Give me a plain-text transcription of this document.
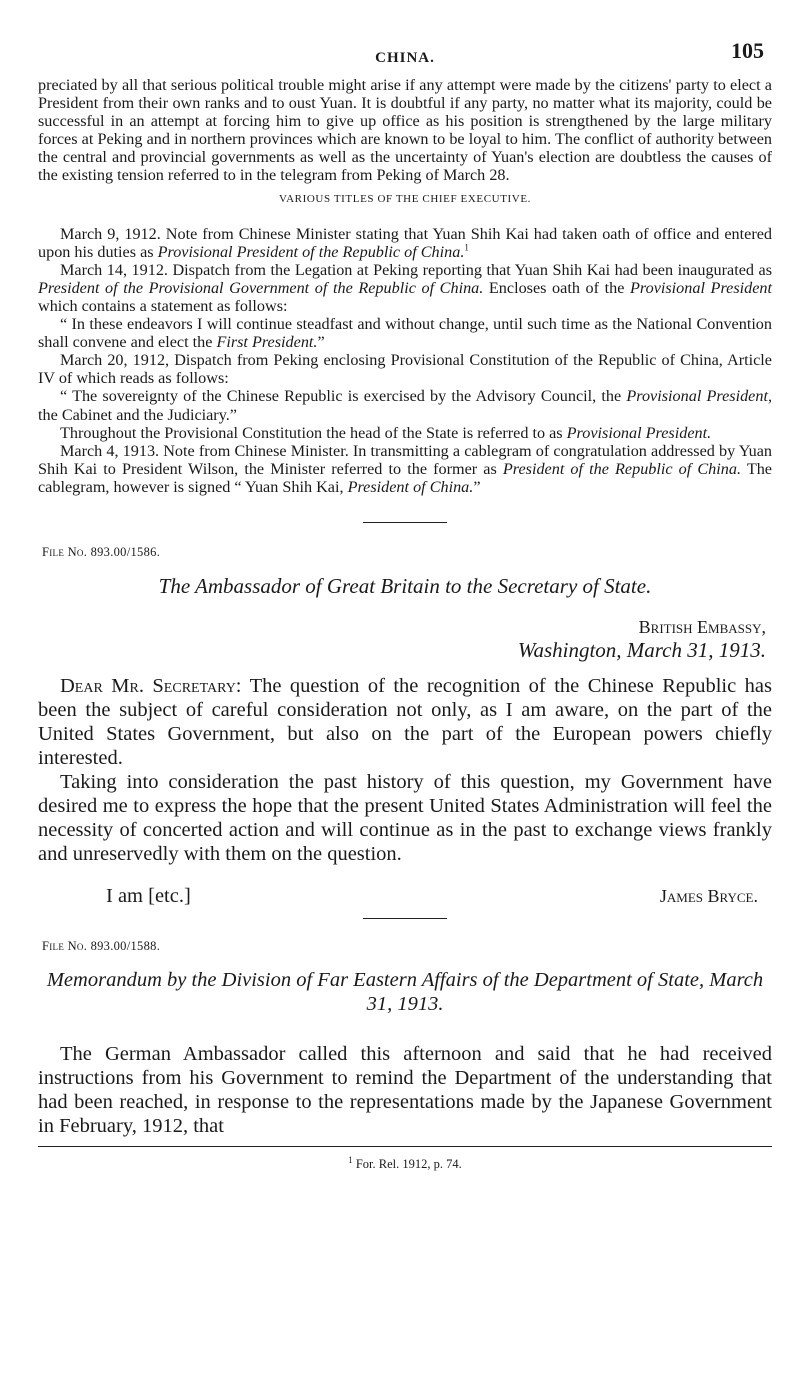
CHINA.	105

preciated by all that serious political trouble might arise if any attempt were made by the citizens' party to elect a President from their own ranks and to oust Yuan. It is doubtful if any party, no matter what its majority, could be successful in an attempt at forcing him to give up office as his position is strengthened by the large military forces at Peking and in northern provinces which are known to be loyal to him. The conflict of authority between the central and provincial governments as well as the uncertainty of Yuan's election are doubtless the causes of the existing tension referred to in the telegram from Peking of March 28.

VARIOUS TITLES OF THE CHIEF EXECUTIVE.

March 9, 1912. Note from Chinese Minister stating that Yuan Shih Kai had taken oath of office and entered upon his duties as Provisional President of the Republic of China.$^1$

March 14, 1912. Dispatch from the Legation at Peking reporting that Yuan Shih Kai had been inaugurated as President of the Provisional Government of the Republic of China. Encloses oath of the Provisional President which contains a statement as follows:

“ In these endeavors I will continue steadfast and without change, until such time as the National Convention shall convene and elect the First President.”

March 20, 1912, Dispatch from Peking enclosing Provisional Constitution of the Republic of China, Article IV of which reads as follows:

“ The sovereignty of the Chinese Republic is exercised by the Advisory Council, the Provisional President, the Cabinet and the Judiciary.”

Throughout the Provisional Constitution the head of the State is referred to as Provisional President.

March 4, 1913. Note from Chinese Minister. In transmitting a cablegram of congratulation addressed by Yuan Shih Kai to President Wilson, the Minister referred to the former as President of the Republic of China. The cablegram, however is signed “ Yuan Shih Kai, President of China.”

File No. 893.00/1586.
The Ambassador of Great Britain to the Secretary of State.
British Embassy,
Washington, March 31, 1913.

Dear Mr. Secretary: The question of the recognition of the Chinese Republic has been the subject of careful consideration not only, as I am aware, on the part of the United States Government, but also on the part of the European powers chiefly interested.

Taking into consideration the past history of this question, my Government have desired me to express the hope that the present United States Administration will feel the necessity of concerted action and will continue as in the past to exchange views frankly and unreservedly with them on the question.

I am [etc.]	James Bryce.
File No. 893.00/1588.
Memorandum by the Division of Far Eastern Affairs of the Department of State, March 31, 1913.

The German Ambassador called this afternoon and said that he had received instructions from his Government to remind the Department of the understanding that had been reached, in response to the representations made by the Japanese Government in February, 1912, that

$^1$ For. Rel. 1912, p. 74.
